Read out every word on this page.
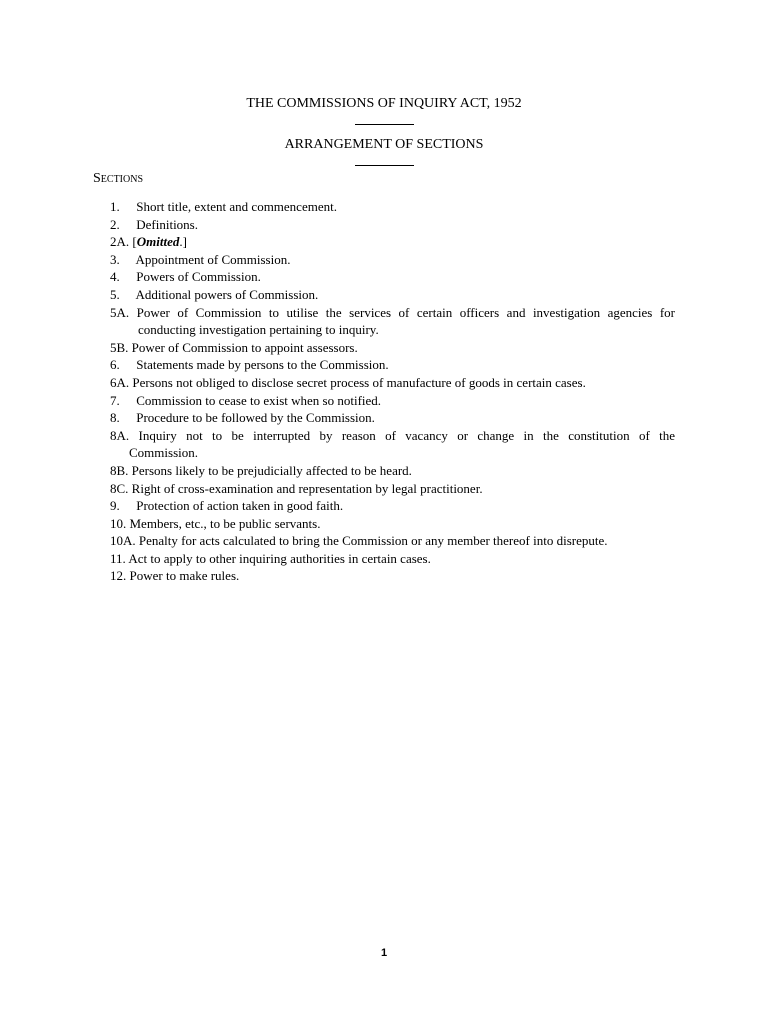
THE COMMISSIONS OF INQUIRY ACT, 1952
ARRANGEMENT OF SECTIONS
Sections
1. Short title, extent and commencement.
2. Definitions.
2A. [Omitted.]
3. Appointment of Commission.
4. Powers of Commission.
5. Additional powers of Commission.
5A. Power of Commission to utilise the services of certain officers and investigation agencies for
conducting investigation pertaining to inquiry.
5B. Power of Commission to appoint assessors.
6. Statements made by persons to the Commission.
6A. Persons not obliged to disclose secret process of manufacture of goods in certain cases.
7. Commission to cease to exist when so notified.
8. Procedure to be followed by the Commission.
8A. Inquiry not to be interrupted by reason of vacancy or change in the constitution of the
Commission.
8B. Persons likely to be prejudicially affected to be heard.
8C. Right of cross-examination and representation by legal practitioner.
9. Protection of action taken in good faith.
10. Members, etc., to be public servants.
10A. Penalty for acts calculated to bring the Commission or any member thereof into disrepute.
11. Act to apply to other inquiring authorities in certain cases.
12. Power to make rules.
1
